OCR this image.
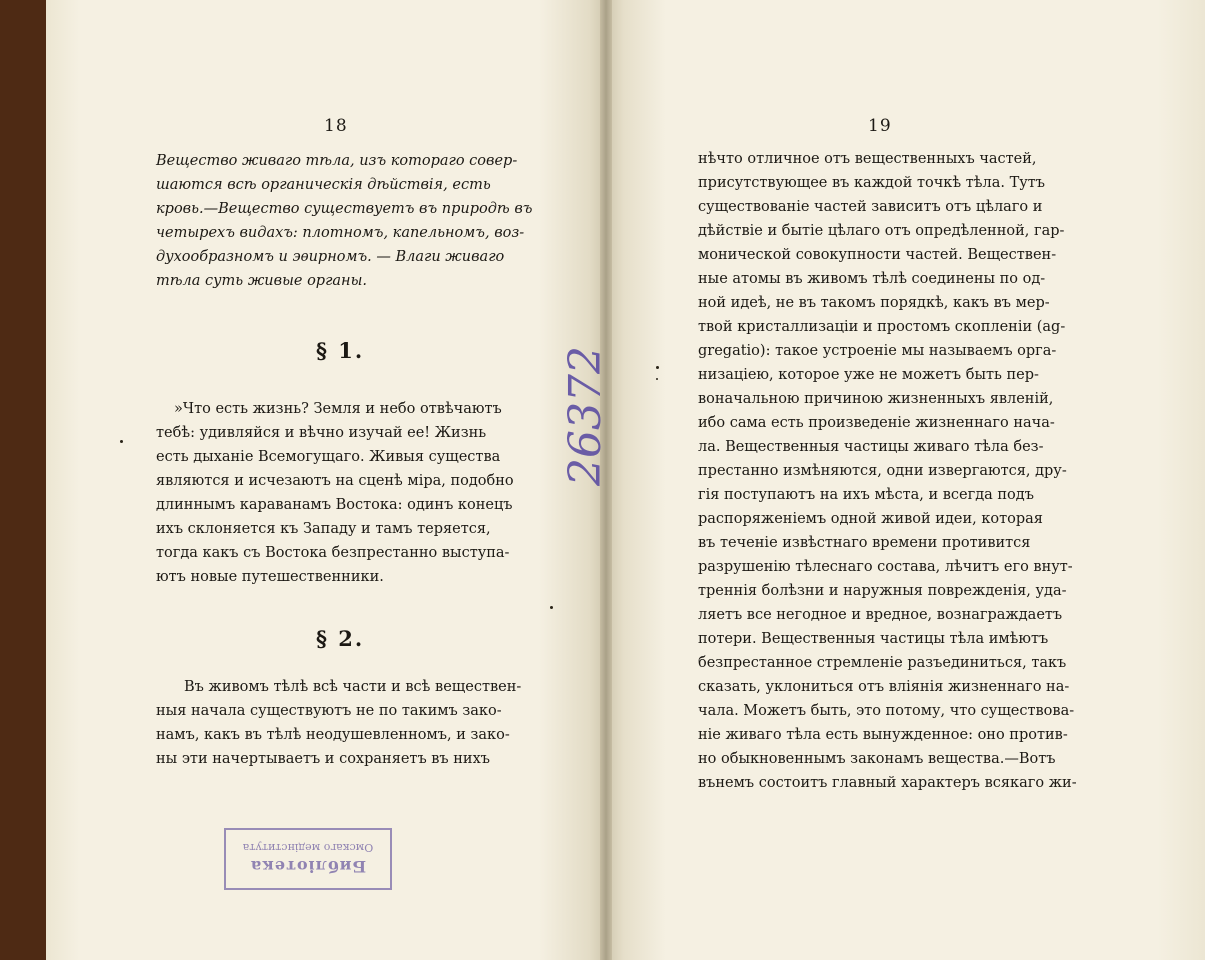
18
Вещество живаго тѣла, изъ котораго совер-
шаются всѣ органическія дѣйствія, есть
кровь.—Вещество существуетъ въ природѣ въ
четырехъ видахъ: плотномъ, капельномъ, воз-
духообразномъ и эѳирномъ. — Влаги живаго
тѣла суть живые органы.
§ 1.
»Что есть жизнь? Земля и небо отвѣчаютъ
тебѣ: удивляйся и вѣчно изучай ее! Жизнь
есть дыханіе Всемогущаго. Живыя существа
являются и исчезаютъ на сценѣ міра, подобно
длиннымъ караванамъ Востока: одинъ конецъ
ихъ склоняется къ Западу и тамъ теряется,
тогда какъ съ Востока безпрестанно выступа-
ютъ новые путешественники.
§ 2.
Въ живомъ тѣлѣ всѣ части и всѣ веществен-
ныя начала существуютъ не по такимъ зако-
намъ, какъ въ тѣлѣ неодушевленномъ, и зако-
ны эти начертываетъ и сохраняетъ въ нихъ
Библіотека
Омскаго медінститута
19
нѣчто отличное отъ вещественныхъ частей,
присутствующее въ каждой точкѣ тѣла. Тутъ
существованіе частей зависитъ отъ цѣлаго и
дѣйствіе и бытіе цѣлаго отъ опредѣленной, гар-
монической совокупности частей. Веществен-
ные атомы въ живомъ тѣлѣ соединены по од-
ной идеѣ, не въ такомъ порядкѣ, какъ въ мер-
твой кристаллизаціи и простомъ скопленіи (ag-
gregatio): такое устроеніе мы называемъ орга-
низаціею, которое уже не можетъ быть пер-
воначальною причиною жизненныхъ явленій,
ибо сама есть произведеніе жизненнаго нача-
ла. Вещественныя частицы живаго тѣла без-
престанно измѣняются, одни извергаются, дру-
гія поступаютъ на ихъ мѣста, и всегда подъ
распоряженіемъ одной живой идеи, которая
въ теченіе извѣстнаго времени противится
разрушенію тѣлеснаго состава, лѣчитъ его внут-
треннія болѣзни и наружныя поврежденія, уда-
ляетъ все негодное и вредное, вознаграждаетъ
потери. Вещественныя частицы тѣла имѣютъ
безпрестанное стремленіе разъединиться, такъ
сказать, уклониться отъ вліянія жизненнаго на-
чала. Можетъ быть, это потому, что существова-
ніе живаго тѣла есть вынужденное: оно против-
но обыкновеннымъ законамъ вещества.—Вотъ
вънемъ состоитъ главный характеръ всякаго жи-
26372
